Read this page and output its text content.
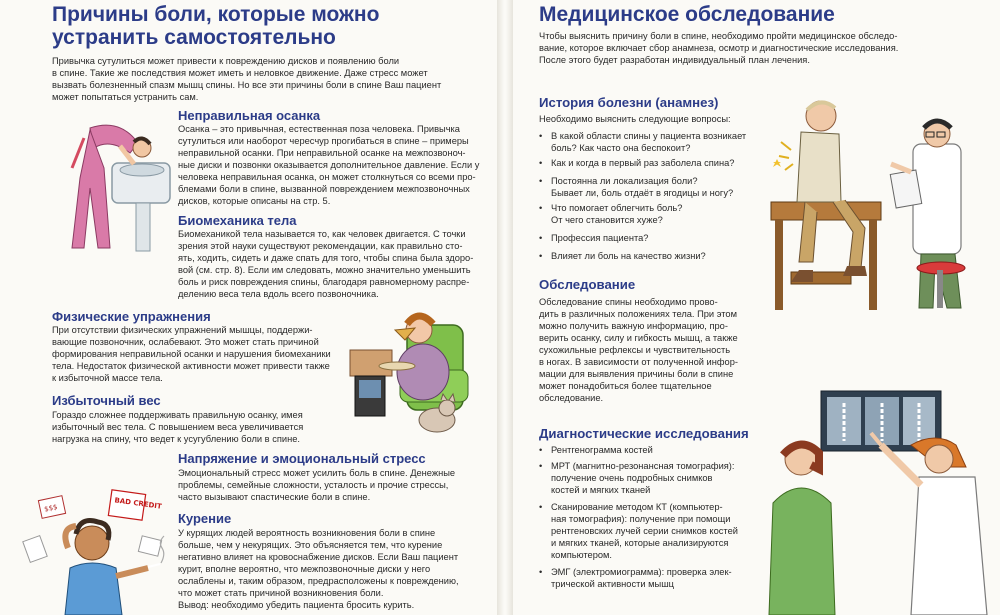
Причины боли, которые можно
устранить самостоятельно

Привычка сутулиться может привести к повреждению дисков и появлению боли
в спине. Такие же последствия может иметь и неловкое движение. Даже стресс может
вызвать болезненный спазм мышц спины. Но все эти причины боли в спине Ваш пациент
может попытаться устранить сам.

Неправильная осанка

Осанка – это привычная, естественная поза человека. Привычка
сутулиться или наоборот чересчур прогибаться в спине – примеры
неправильной осанки. При неправильной осанке на межпозвоноч-
ные диски и позвонки оказывается дополнительное давление. Если у
человека неправильная осанка, он может столкнуться со всеми про-
блемами боли в спине, вызванной повреждением межпозвоночных
дисков, которые описаны на стр. 5.

Биомеханика тела

Биомеханикой тела называется то, как человек двигается. С точки
зрения этой науки существуют рекомендации, как правильно сто-
ять, ходить, сидеть и даже спать для того, чтобы спина была здоро-
вой (см. стр. 8). Если им следовать, можно значительно уменьшить
боль и риск повреждения спины, благодаря равномерному распре-
делению веса тела вдоль всего позвоночника.

Физические упражнения

При отсутствии физических упражнений мышцы, поддержи-
вающие позвоночник, ослабевают. Это может стать причиной
формирования неправильной осанки и нарушения биомеханики
тела. Недостаток физической активности может привести также
к избыточной массе тела.

Избыточный вес

Гораздо сложнее поддерживать правильную осанку, имея
избыточный вес тела. С повышением веса увеличивается
нагрузка на спину, что ведет к усугублению боли в спине.

Напряжение и эмоциональный стресс

Эмоциональный стресс может усилить боль в спине. Денежные
проблемы, семейные сложности, усталость и прочие стрессы,
часто вызывают спастические боли в спине.

BAD CREDIT
$$$
Курение

У курящих людей вероятность возникновения боли в спине
больше, чем у некурящих. Это объясняется тем, что курение
негативно влияет на кровоснабжение дисков. Если Ваш пациент
курит, вполне вероятно, что межпозвоночные диски у него
ослаблены и, таким образом, предрасположены к повреждению,
что может стать причиной возникновения боли.
Вывод: необходимо убедить пациента бросить курить.

Медицинское обследование

Чтобы выяснить причину боли в спине, необходимо пройти медицинское обследо-
вание, которое включает сбор анамнеза, осмотр и диагностические исследования.
После этого будет разработан индивидуальный план лечения.

История болезни (анамнез)

Необходимо выяснить следующие вопросы:

• В какой области спины у пациента возникает
боль? Как часто она беспокоит?
• Как и когда в первый раз заболела спина?
• Постоянна ли локализация боли?
Бывает ли, боль отдаёт в ягодицы и ногу?
• Что помогает облегчить боль?
От чего становится хуже?
• Профессия пациента?
• Влияет ли боль на качество жизни?
Обследование

Обследование спины необходимо прово-
дить в различных положениях тела. При этом
можно получить важную информацию, про-
верить осанку, силу и гибкость мышц, а также
сухожильные рефлексы и чувствительность
в ногах. В зависимости от полученной инфор-
мации для выявления причины боли в спине
может понадобиться более тщательное
обследование.

Диагностические исследования
• Рентгенограмма костей
• МРТ (магнитно-резонансная томография):
получение очень подробных снимков
костей и мягких тканей
• Сканирование методом КТ (компьютер-
ная томография): получение при помощи
рентгеновских лучей серии снимков костей
и мягких тканей, которые анализируются
компьютером.
• ЭМГ (электромиограмма): проверка элек-
трической активности мышц
